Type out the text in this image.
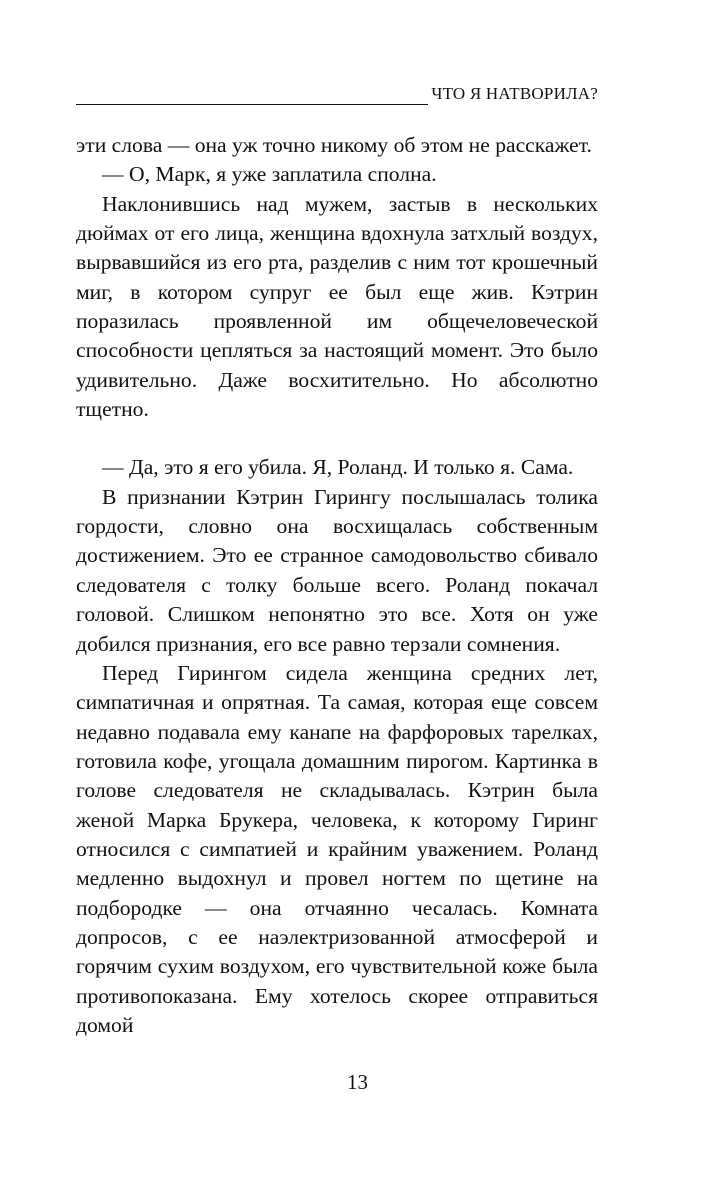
ЧТО Я НАТВОРИЛА?

эти слова — она уж точно никому об этом не расскажет.

— О, Марк, я уже заплатила сполна.

Наклонившись над мужем, застыв в нескольких дюймах от его лица, женщина вдохнула затхлый воздух, вырвавшийся из его рта, разделив с ним тот крошечный миг, в котором супруг ее был еще жив. Кэтрин поразилась проявленной им общечеловеческой способности цепляться за настоящий момент. Это было удивительно. Даже восхитительно. Но абсолютно тщетно.

— Да, это я его убила. Я, Роланд. И только я. Сама.

В признании Кэтрин Гирингу послышалась толика гордости, словно она восхищалась собственным достижением. Это ее странное самодовольство сбивало следователя с толку больше всего. Роланд покачал головой. Слишком непонятно это все. Хотя он уже добился признания, его все равно терзали сомнения.

Перед Гирингом сидела женщина средних лет, симпатичная и опрятная. Та самая, которая еще совсем недавно подавала ему канапе на фарфоровых тарелках, готовила кофе, угощала домашним пирогом. Картинка в голове следователя не складывалась. Кэтрин была женой Марка Брукера, человека, к которому Гиринг относился с симпатией и крайним уважением. Роланд медленно выдохнул и провел ногтем по щетине на подбородке — она отчаянно чесалась. Комната допросов, с ее наэлектризованной атмосферой и горячим сухим воздухом, его чувствительной коже была противопоказана. Ему хотелось скорее отправиться домой

13
